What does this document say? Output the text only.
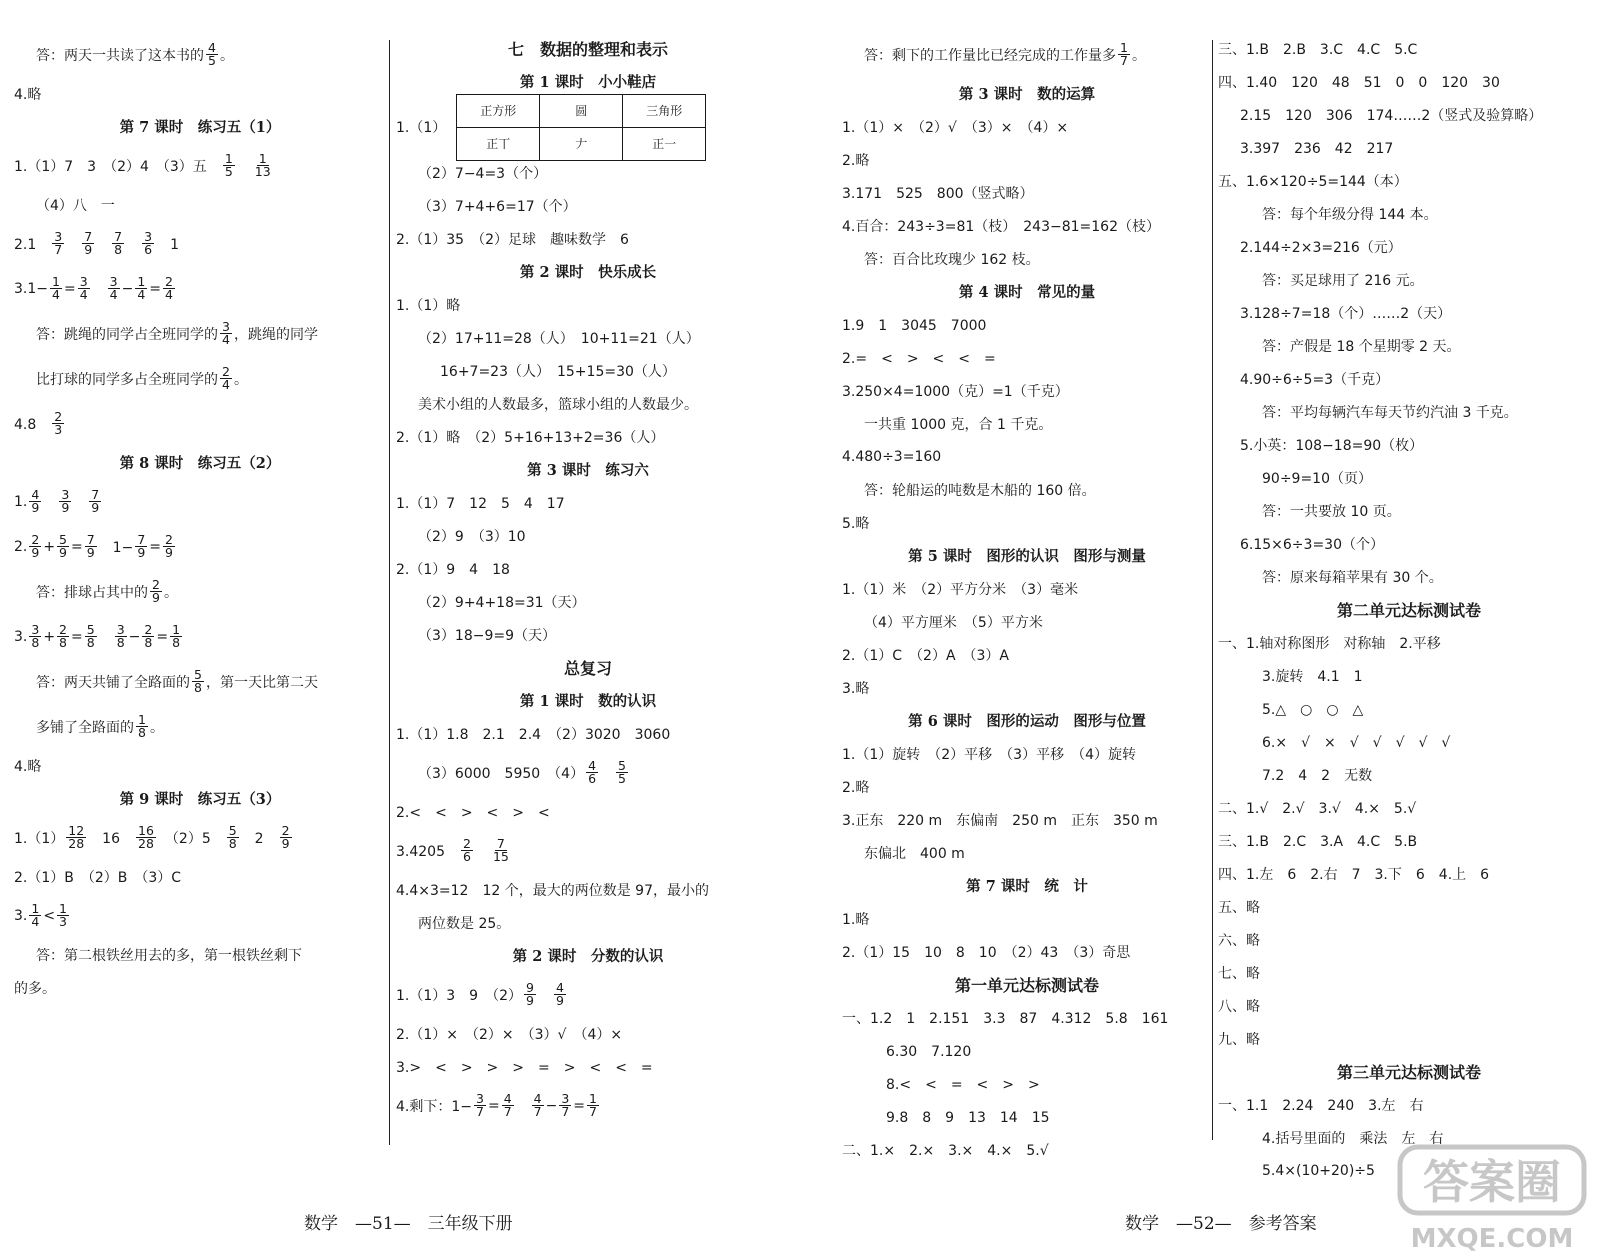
答：两天一共读了这本书的 $\frac{4}{5}$ 。
4.略
第 7 课时　练习五（1）
1.（1）7　3　（2）4　（3）五　 $\frac{1}{5}$
　 $\frac{1}{13}$
（4）八　一
2.1　 $\frac{3}{7}$
　 $\frac{7}{9}$
　 $\frac{7}{8}$
　 $\frac{3}{6}$ 　1
$3.1- \frac{1}{4} = \frac{3}{4}$
　 $\frac{3}{4} - \frac{1}{4} = \frac{2}{4}$
答：跳绳的同学占全班同学的 $\frac{3}{4}$ ，跳绳的同学
比打球的同学多占全班同学的 $\frac{2}{4}$ 。
4.8　 $\frac{2}{3}$
第 8 课时　练习五（2）
1. $\frac{4}{9}$
　 $\frac{3}{9}$
　 $\frac{7}{9}$
2. $\frac{2}{9} + \frac{5}{9} = \frac{7}{9}$ 　$1- \frac{7}{9} = \frac{2}{9}$
答：排球占其中的 $\frac{2}{9}$ 。
3. $\frac{3}{8} + \frac{2}{8} = \frac{5}{8}$
　 $\frac{3}{8} - \frac{2}{8} = \frac{1}{8}$
答：两天共铺了全路面的 $\frac{5}{8}$ ，第一天比第二天
多铺了全路面的 $\frac{1}{8}$ 。
4.略
第 9 课时　练习五（3）
$1.(1) \frac{12}{28}$ 　16　 $\frac{16}{28}$ 　（2）5　 $\frac{5}{8}$ 　2　 $\frac{2}{9}$
2.（1）B　（2）B　（3）C
3. $\frac{1}{4} < \frac{1}{3}$
答：第二根铁丝用去的多，第一根铁丝剩下
的多。
七　数据的整理和表示
第 1 课时　小小鞋店
1.（1）
正方形	圆	三角形
正丅	𠂇	正一
（2）7−4=3（个）
（3）7+4+6=17（个）
2.（1）35　（2）足球　趣味数学　6
第 2 课时　快乐成长
1.（1）略
（2）17+11=28（人）　10+11=21（人）
16+7=23（人）　15+15=30（人）
美术小组的人数最多，篮球小组的人数最少。
2.（1）略　（2）5+16+13+2=36（人）
第 3 课时　练习六
1.（1）7　12　5　4　17
（2）9　（3）10
2.（1）9　4　18
（2）9+4+18=31（天）
（3）18−9=9（天）
总复习
第 1 课时　数的认识
1.（1）1.8　2.1　2.4　（2）3020　3060
（3）6000　5950　$(4) \frac{4}{6}$
　 $\frac{5}{5}$
2.<　<　>　<　>　<
3.4205　 $\frac{2}{6}$
　 $\frac{7}{15}$
4.4×3=12　12 个，最大的两位数是 97，最小的
两位数是 25。
第 2 课时　分数的认识
1.（1）3　9　$(2) \frac{9}{9}$
　 $\frac{4}{9}$
2.（1）×　（2）×　（3）√　（4）×
3.>　<　>　>　>　=　>　<　<　=
4.剩下：$1- \frac{3}{7} = \frac{4}{7}$
　 $\frac{4}{7} - \frac{3}{7} = \frac{1}{7}$
答：剩下的工作量比已经完成的工作量多 $\frac{1}{7}$ 。
第 3 课时　数的运算
1.（1）×　（2）√　（3）×　（4）×
2.略
3.171　525　800（竖式略）
4.百合：243÷3=81（枝）　243−81=162（枝）
答：百合比玫瑰少 162 枝。
第 4 课时　常见的量
1.9　1　3045　7000
2.=　<　>　<　<　=
3.250×4=1000（克）=1（千克）
一共重 1000 克，合 1 千克。
4.480÷3=160
答：轮船运的吨数是木船的 160 倍。
5.略
第 5 课时　图形的认识　图形与测量
1.（1）米　（2）平方分米　（3）毫米
（4）平方厘米　（5）平方米
2.（1）C　（2）A　（3）A
3.略
第 6 课时　图形的运动　图形与位置
1.（1）旋转　（2）平移　（3）平移　（4）旋转
2.略
3.正东　220 m　东偏南　250 m　正东　350 m
东偏北　400 m
第 7 课时　统　计
1.略
2.（1）15　10　8　10　（2）43　（3）奇思
第一单元达标测试卷
一、1.2　1　2.151　3.3　87　4.312　5.8　161
6.30　7.120
8.<　<　=　<　>　>
9.8　8　9　13　14　15
二、1.×　2.×　3.×　4.×　5.√
三、1.B　2.B　3.C　4.C　5.C
四、1.40　120　48　51　0　0　120　30
2.15　120　306　174……2（竖式及验算略）
3.397　236　42　217
五、1.6×120÷5=144（本）
答：每个年级分得 144 本。
2.144÷2×3=216（元）
答：买足球用了 216 元。
3.128÷7=18（个）……2（天）
答：产假是 18 个星期零 2 天。
4.90÷6÷5=3（千克）
答：平均每辆汽车每天节约汽油 3 千克。
5.小英：108−18=90（枚）
90÷9=10（页）
答：一共要放 10 页。
6.15×6÷3=30（个）
答：原来每箱苹果有 30 个。
第二单元达标测试卷
一、1.轴对称图形　对称轴　2.平移
3.旋转　4.1　1
5.△　○　○　△
6.×　√　×　√　√　√　√　√
7.2　4　2　无数
二、1.√　2.√　3.√　4.×　5.√
三、1.B　2.C　3.A　4.C　5.B
四、1.左　6　2.右　7　3.下　6　4.上　6
五、略
六、略
七、略
八、略
九、略
第三单元达标测试卷
一、1.1　2.24　240　3.左　右
4.括号里面的　乘法　左　右
5.4×(10+20)÷5
数学　—51—　三年级下册	数学　—52—　参考答案
答案圈
MXQE.COM
